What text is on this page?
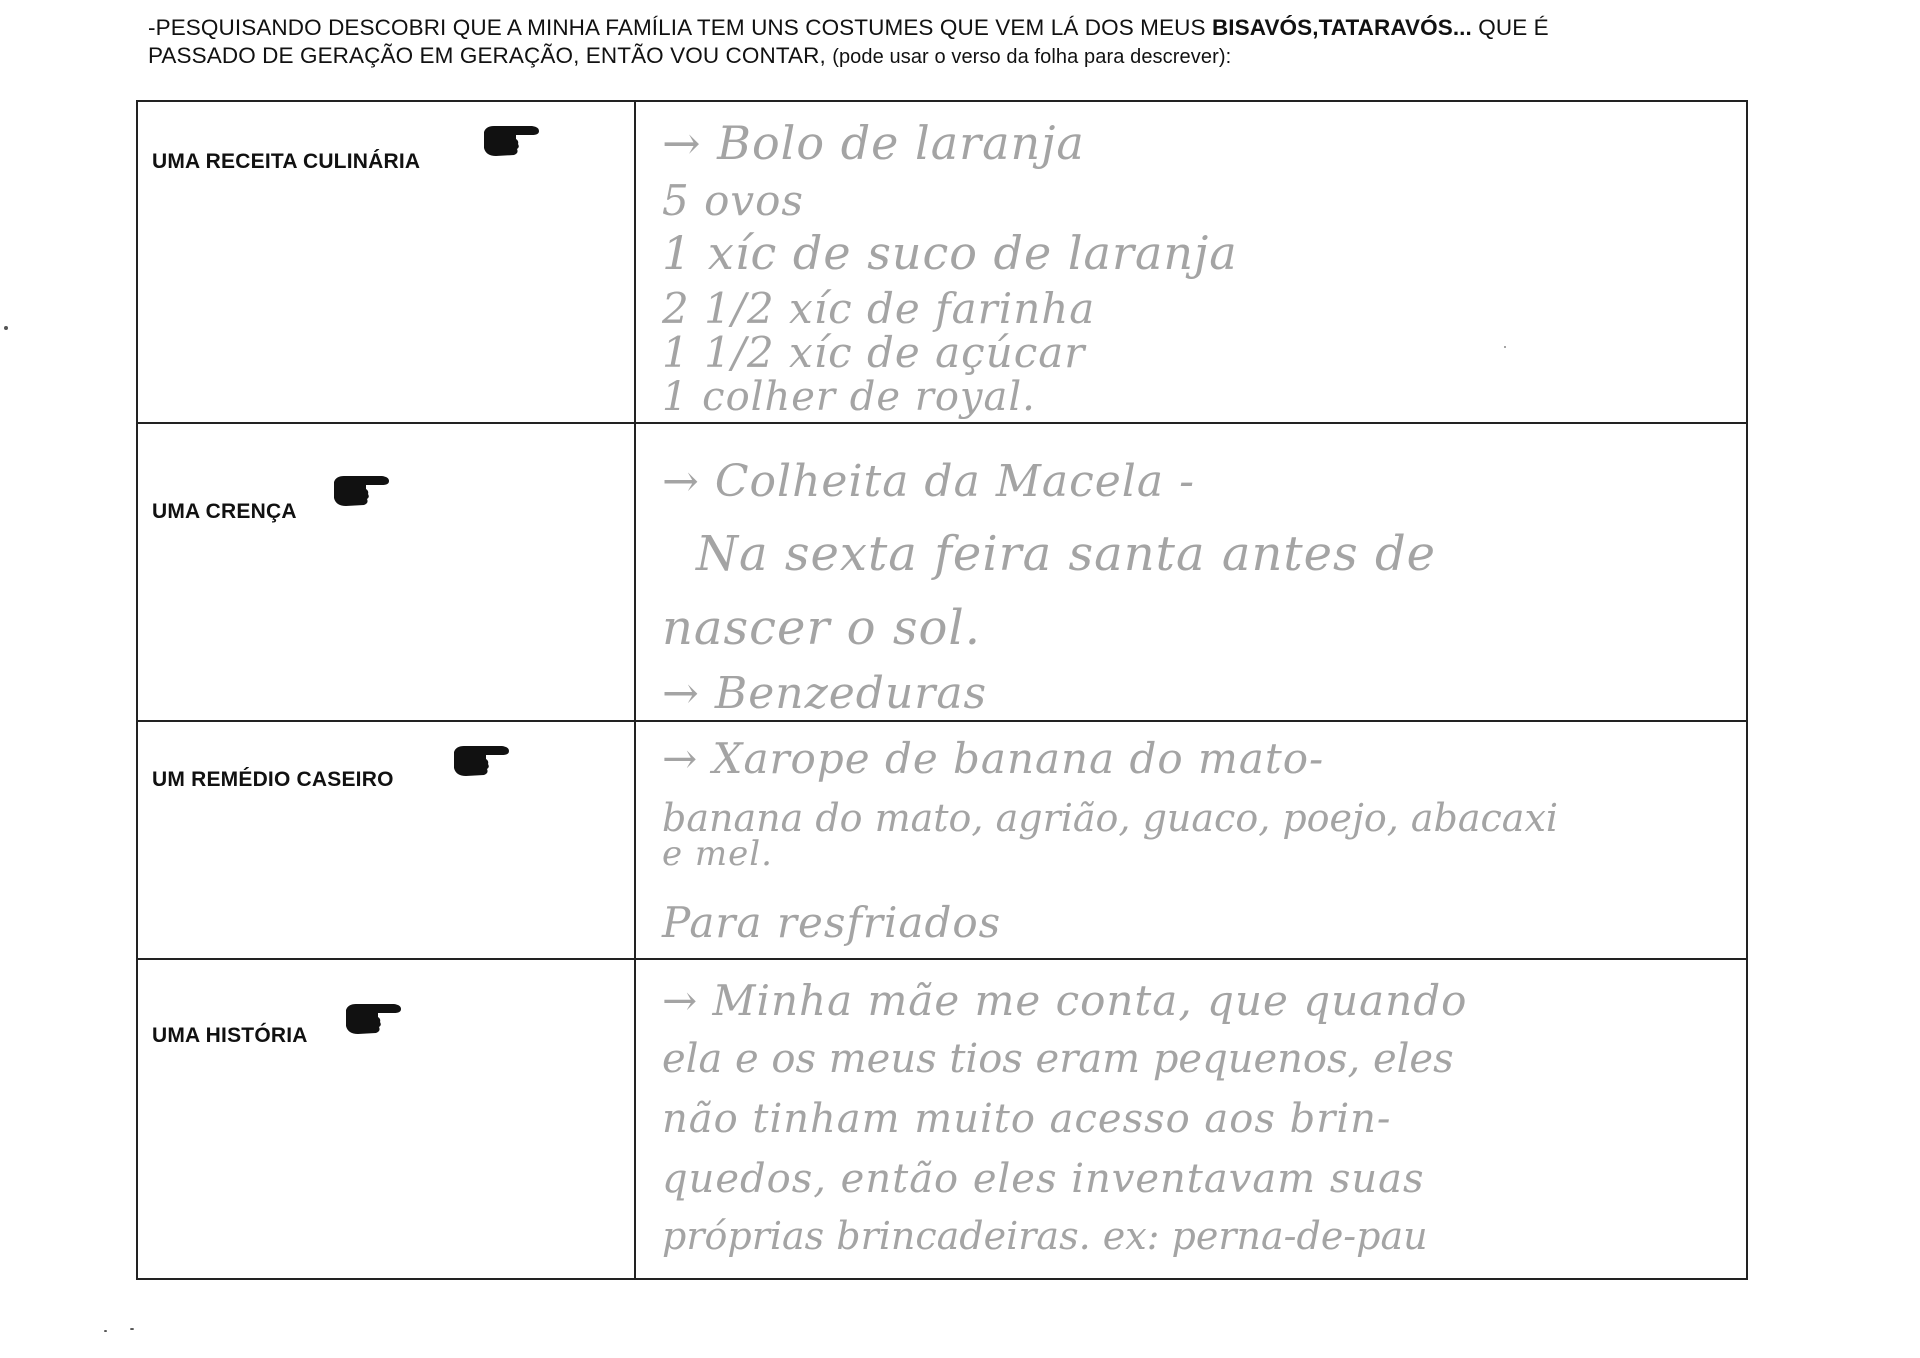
-PESQUISANDO DESCOBRI QUE A MINHA FAMÍLIA TEM UNS COSTUMES QUE VEM LÁ DOS MEUS BISAVÓS,TATARAVÓS... QUE É
PASSADO DE GERAÇÃO EM GERAÇÃO, ENTÃO VOU CONTAR, (pode usar o verso da folha para descrever):
UMA RECEITA CULINÁRIA	→ Bolo de laranja
5 ovos
1 xíc de suco de laranja
2 1/2 xíc de farinha
1 1/2 xíc de açúcar
1 colher de royal.
UMA CRENÇA
→ Colheita da Macela -
Na sexta feira santa antes de
nascer o sol.
→ Benzeduras
UM REMÉDIO CASEIRO	→ Xarope de banana do mato-
banana do mato, agrião, guaco, poejo, abacaxi
e mel.
Para resfriados
UMA HISTÓRIA
→ Minha mãe me conta, que quando
ela e os meus tios eram pequenos, eles
não tinham muito acesso aos brin-
quedos, então eles inventavam suas
próprias brincadeiras. ex: perna-de-pau
